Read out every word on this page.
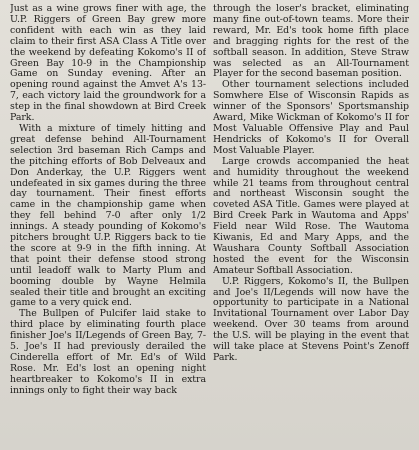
Just as a wine grows finer with age, the U.P. Riggers of Green Bay grew more confident with each win as they laid claim to their first ASA Class A Title over the weekend by defeating Kokomo's II of Green Bay 10-9 in the Championship Game on Sunday evening. After an opening round against the Amvet A's 13-7, each victory laid the groundwork for a step in the final showdown at Bird Creek Park.

With a mixture of timely hitting and great defense behind All-Tournament selection 3rd baseman Rich Camps and the pitching efforts of Bob Delveaux and Don Anderkay, the U.P. Riggers went undefeated in six games during the three day tournament. Their finest efforts came in the championship game when they fell behind 7-0 after only 1/2 innings. A steady pounding of Kokomo's pitchers brought U.P. Riggers back to tie the score at 9-9 in the fifth inning. At that point their defense stood strong until leadoff walk to Marty Plum and booming double by Wayne Helmila sealed their title and brought an exciting game to a very quick end.

The Bullpen of Pulcifer laid stake to third place by eliminating fourth place finisher Joe's II/Legends of Green Bay, 7-5. Joe's II had previously derailed the Cinderella effort of Mr. Ed's of Wild Rose. Mr. Ed's lost an opening night heartbreaker to Kokomo's II in extra innings only to fight their way back

through the loser's bracket, eliminating many fine out-of-town teams. More their reward, Mr. Ed's took home fifth place and bragging rights for the rest of the softball season. In addition, Steve Straw was selected as an All-Tournament Player for the second baseman position.

Other tournament selections included Somwhere Else of Wisconsin Rapids as winner of the Sponsors' Sportsmanship Award, Mike Wickman of Kokomo's II for Most Valuable Offensive Play and Paul Hendricks of Kokomo's II for Overall Most Valuable Player.

Large crowds accompanied the heat and humidity throughout the weekend while 21 teams from throughout central and northeast Wisconsin sought the coveted ASA Title. Games were played at Bird Creek Park in Wautoma and Apps' Field near Wild Rose. The Wautoma Kiwanis, Ed and Mary Apps, and the Waushara County Softball Association hosted the event for the Wisconsin Amateur Softball Association.

U.P. Riggers, Kokomo's II, the Bullpen and Joe's II/Legends will now have the opportunity to participate in a National Invitational Tournament over Labor Day weekend. Over 30 teams from around the U.S. will be playing in the event that will take place at Stevens Point's Zenoff Park.
